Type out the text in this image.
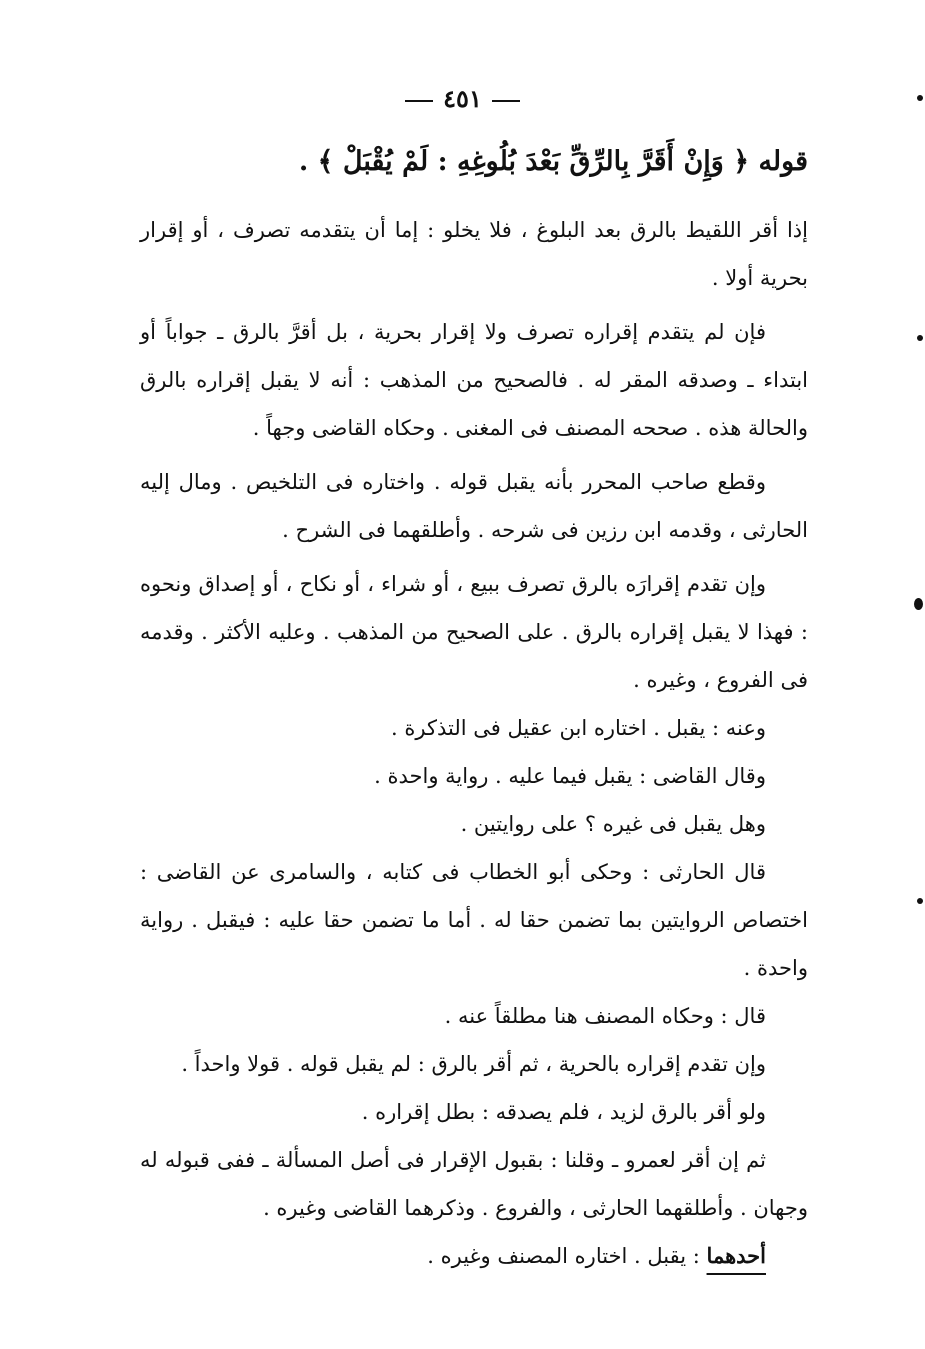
٤٥١
قوله ﴿ وَإِنْ أَقَرَّ بِالرِّقِّ بَعْدَ بُلُوغِهِ : لَمْ يُقْبَلْ ﴾ .

إذا أقر اللقيط بالرق بعد البلوغ ، فلا يخلو : إما أن يتقدمه تصرف ، أو إقرار بحرية أولا .

فإن لم يتقدم إقراره تصرف ولا إقرار بحرية ، بل أقرَّ بالرق ـ جواباً أو ابتداء ـ وصدقه المقر له . فالصحيح من المذهب : أنه لا يقبل إقراره بالرق والحالة هذه . صححه المصنف فى المغنى . وحكاه القاضى وجهاً .

وقطع صاحب المحرر بأنه يقبل قوله . واختاره فى التلخيص . ومال إليه الحارثى ، وقدمه ابن رزين فى شرحه . وأطلقهما فى الشرح .

وإن تقدم إقرارَه بالرق تصرف ببيع ، أو شراء ، أو نكاح ، أو إصداق ونحوه : فهذا لا يقبل إقراره بالرق . على الصحيح من المذهب . وعليه الأكثر . وقدمه فى الفروع ، وغيره .

وعنه : يقبل . اختاره ابن عقيل فى التذكرة .

وقال القاضى : يقبل فيما عليه . رواية واحدة .

وهل يقبل فى غيره ؟ على روايتين .

قال الحارثى : وحكى أبو الخطاب فى كتابه ، والسامرى عن القاضى : اختصاص الروايتين بما تضمن حقا له . أما ما تضمن حقا عليه : فيقبل . رواية واحدة .

قال : وحكاه المصنف هنا مطلقاً عنه .

وإن تقدم إقراره بالحرية ، ثم أقر بالرق : لم يقبل قوله . قولا واحداً .

ولو أقر بالرق لزيد ، فلم يصدقه : بطل إقراره .

ثم إن أقر لعمرو ـ وقلنا : بقبول الإقرار فى أصل المسألة ـ ففى قبوله له وجهان . وأطلقهما الحارثى ، والفروع . وذكرهما القاضى وغيره .

أحدهما : يقبل . اختاره المصنف وغيره .
